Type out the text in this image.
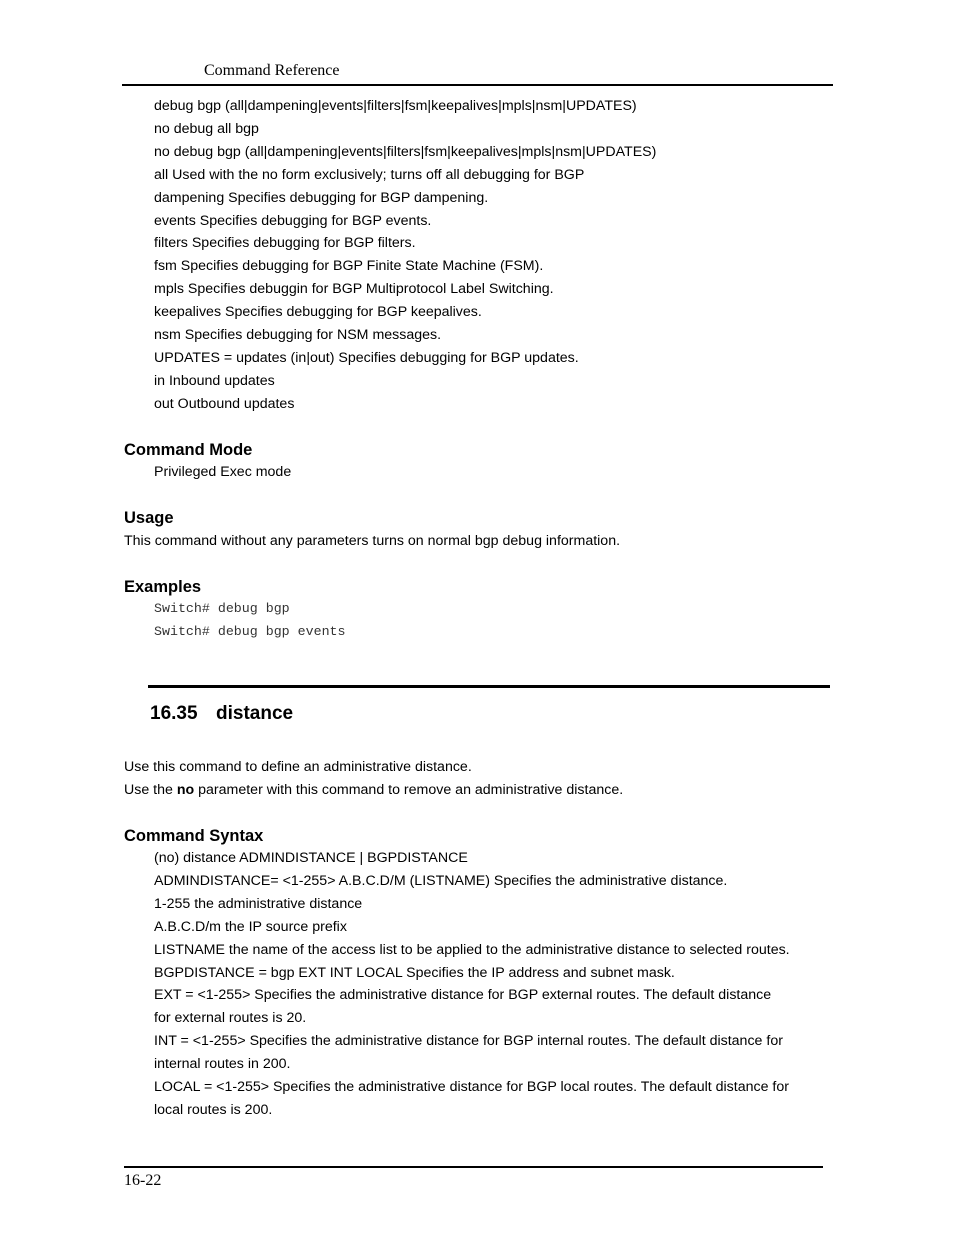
Command Reference
debug bgp (all|dampening|events|filters|fsm|keepalives|mpls|nsm|UPDATES)
no debug all bgp
no debug bgp (all|dampening|events|filters|fsm|keepalives|mpls|nsm|UPDATES)
all Used with the no form exclusively; turns off all debugging for BGP
dampening Specifies debugging for BGP dampening.
events Specifies debugging for BGP events.
filters Specifies debugging for BGP filters.
fsm Specifies debugging for BGP Finite State Machine (FSM).
mpls Specifies debuggin for BGP Multiprotocol Label Switching.
keepalives Specifies debugging for BGP keepalives.
nsm Specifies debugging for NSM messages.
UPDATES = updates (in|out) Specifies debugging for BGP updates.
in Inbound updates
out Outbound updates
Command Mode
Privileged Exec mode
Usage
This command without any parameters turns on normal bgp debug information.
Examples
Switch# debug bgp
Switch# debug bgp events
16.35 distance
Use this command to define an administrative distance.
Use the no parameter with this command to remove an administrative distance.
Command Syntax
(no) distance ADMINDISTANCE | BGPDISTANCE
ADMINDISTANCE= <1-255> A.B.C.D/M (LISTNAME) Specifies the administrative distance.
1-255 the administrative distance
A.B.C.D/m the IP source prefix
LISTNAME the name of the access list to be applied to the administrative distance to selected routes.
BGPDISTANCE = bgp EXT INT LOCAL Specifies the IP address and subnet mask.
EXT = <1-255> Specifies the administrative distance for BGP external routes. The default distance
for external routes is 20.
INT = <1-255> Specifies the administrative distance for BGP internal routes. The default distance for
internal routes in 200.
LOCAL = <1-255> Specifies the administrative distance for BGP local routes. The default distance for
local routes is 200.
16-22
